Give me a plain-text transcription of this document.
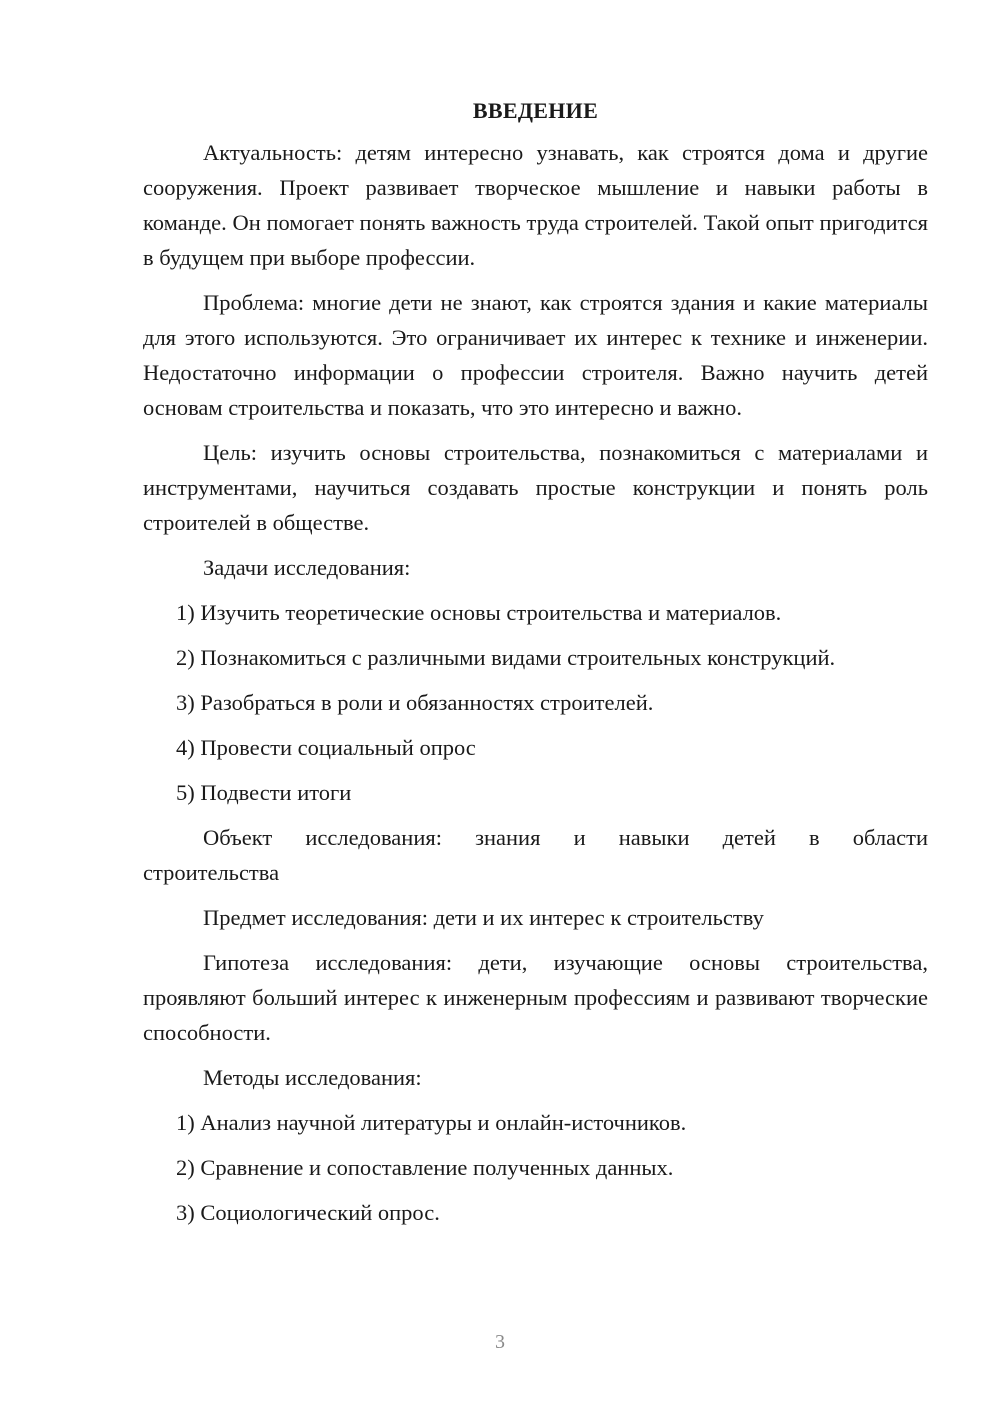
ВВЕДЕНИЕ

Актуальность: детям интересно узнавать, как строятся дома и другие сооружения. Проект развивает творческое мышление и навыки работы в команде. Он помогает понять важность труда строителей. Такой опыт пригодится в будущем при выборе профессии.

Проблема: многие дети не знают, как строятся здания и какие материалы для этого используются. Это ограничивает их интерес к технике и инженерии. Недостаточно информации о профессии строителя. Важно научить детей основам строительства и показать, что это интересно и важно.

Цель: изучить основы строительства, познакомиться с материалами и инструментами, научиться создавать простые конструкции и понять роль строителей в обществе.

Задачи исследования:

1) Изучить теоретические основы строительства и материалов.

2) Познакомиться с различными видами строительных конструкций.

3) Разобраться в роли и обязанностях строителей.

4) Провести социальный опрос

5) Подвести итоги

Объект исследования: знания и навыки детей в области

строительства

Предмет исследования: дети и их интерес к строительству

Гипотеза исследования: дети, изучающие основы строительства, проявляют больший интерес к инженерным профессиям и развивают творческие способности.

Методы исследования:

1) Анализ научной литературы и онлайн-источников.

2) Сравнение и сопоставление полученных данных.

3) Социологический опрос.

3
